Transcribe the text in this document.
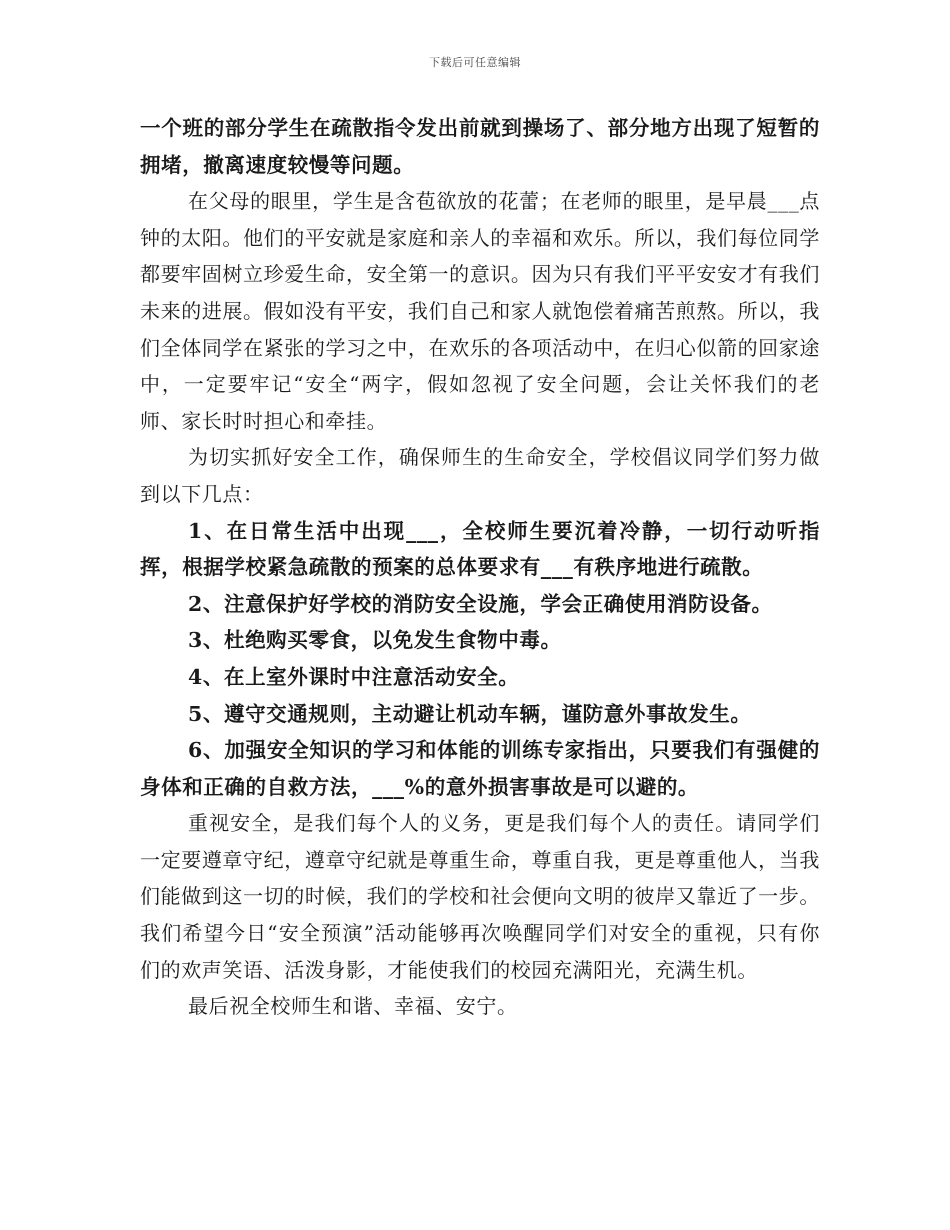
下载后可任意编辑

一个班的部分学生在疏散指令发出前就到操场了、部分地方出现了短暂的拥堵，撤离速度较慢等问题。

在父母的眼里，学生是含苞欲放的花蕾；在老师的眼里，是早晨___点钟的太阳。他们的平安就是家庭和亲人的幸福和欢乐。所以，我们每位同学都要牢固树立珍爱生命，安全第一的意识。因为只有我们平平安安才有我们未来的进展。假如没有平安，我们自己和家人就饱偿着痛苦煎熬。所以，我们全体同学在紧张的学习之中，在欢乐的各项活动中，在归心似箭的回家途中，一定要牢记“安全“两字，假如忽视了安全问题，会让关怀我们的老师、家长时时担心和牵挂。

为切实抓好安全工作，确保师生的生命安全，学校倡议同学们努力做到以下几点：

1、在日常生活中出现___，全校师生要沉着冷静，一切行动听指挥，根据学校紧急疏散的预案的总体要求有___有秩序地进行疏散。

2、注意保护好学校的消防安全设施，学会正确使用消防设备。

3、杜绝购买零食，以免发生食物中毒。

4、在上室外课时中注意活动安全。

5、遵守交通规则，主动避让机动车辆，谨防意外事故发生。

6、加强安全知识的学习和体能的训练专家指出，只要我们有强健的身体和正确的自救方法，___%的意外损害事故是可以避的。

重视安全，是我们每个人的义务，更是我们每个人的责任。请同学们一定要遵章守纪，遵章守纪就是尊重生命，尊重自我，更是尊重他人，当我们能做到这一切的时候，我们的学校和社会便向文明的彼岸又靠近了一步。我们希望今日“安全预演”活动能够再次唤醒同学们对安全的重视，只有你们的欢声笑语、活泼身影，才能使我们的校园充满阳光，充满生机。

最后祝全校师生和谐、幸福、安宁。
